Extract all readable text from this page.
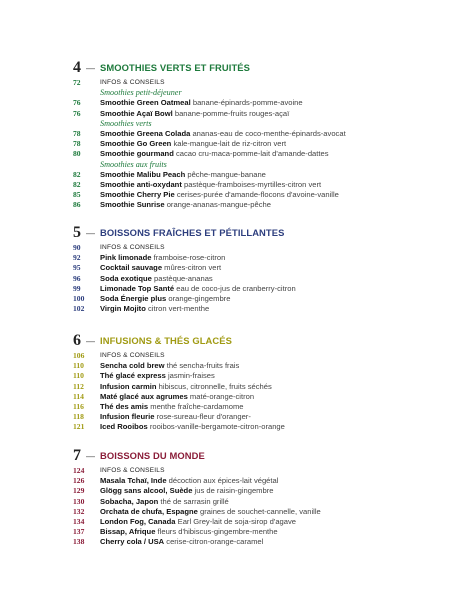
4 — SMOOTHIES VERTS ET FRUITÉS
72	INFOS & CONSEILS
Smoothies petit-déjeuner
76	Smoothie Green Oatmeal banane-épinards-pomme-avoine
76	Smoothie Açaï Bowl banane-pomme-fruits rouges-açaï
Smoothies verts
78	Smoothie Greena Colada ananas-eau de coco-menthe-épinards-avocat
78	Smoothie Go Green kale-mangue-lait de riz-citron vert
80	Smoothie gourmand cacao cru-maca-pomme-lait d'amande-dattes
Smoothies aux fruits
82	Smoothie Malibu Peach pêche-mangue-banane
82	Smoothie anti-oxydant pastèque-framboises-myrtilles-citron vert
85	Smoothie Cherry Pie cerises-purée d'amande-flocons d'avoine-vanille
86	Smoothie Sunrise orange-ananas-mangue-pêche
5 — BOISSONS FRAÎCHES ET PÉTILLANTES
90	INFOS & CONSEILS
92	Pink limonade framboise-rose-citron
95	Cocktail sauvage mûres-citron vert
96	Soda exotique pastèque-ananas
99	Limonade Top Santé eau de coco-jus de cranberry-citron
100 Soda Énergie plus orange-gingembre
102 Virgin Mojito citron vert-menthe
6 — INFUSIONS & THÉS GLACÉS
106 INFOS & CONSEILS
110 Sencha cold brew thé sencha-fruits frais
110 Thé glacé express jasmin-fraises
112 Infusion carmin hibiscus, citronnelle, fruits séchés
114 Maté glacé aux agrumes maté-orange-citron
116 Thé des amis menthe fraîche-cardamome
118 Infusion fleurie rose-sureau-fleur d'oranger-
121 Iced Rooibos rooibos-vanille-bergamote-citron-orange
7 — BOISSONS DU MONDE
124 INFOS & CONSEILS
126 Masala Tchaï, Inde décoction aux épices-lait végétal
129 Glögg sans alcool, Suède jus de raisin-gingembre
130 Sobacha, Japon thé de sarrasin grillé
132 Orchata de chufa, Espagne graines de souchet-cannelle, vanille
134 London Fog, Canada Earl Grey-lait de soja-sirop d'agave
137 Bissap, Afrique fleurs d'hibiscus-gingembre-menthe
138 Cherry cola / USA cerise-citron-orange-caramel
